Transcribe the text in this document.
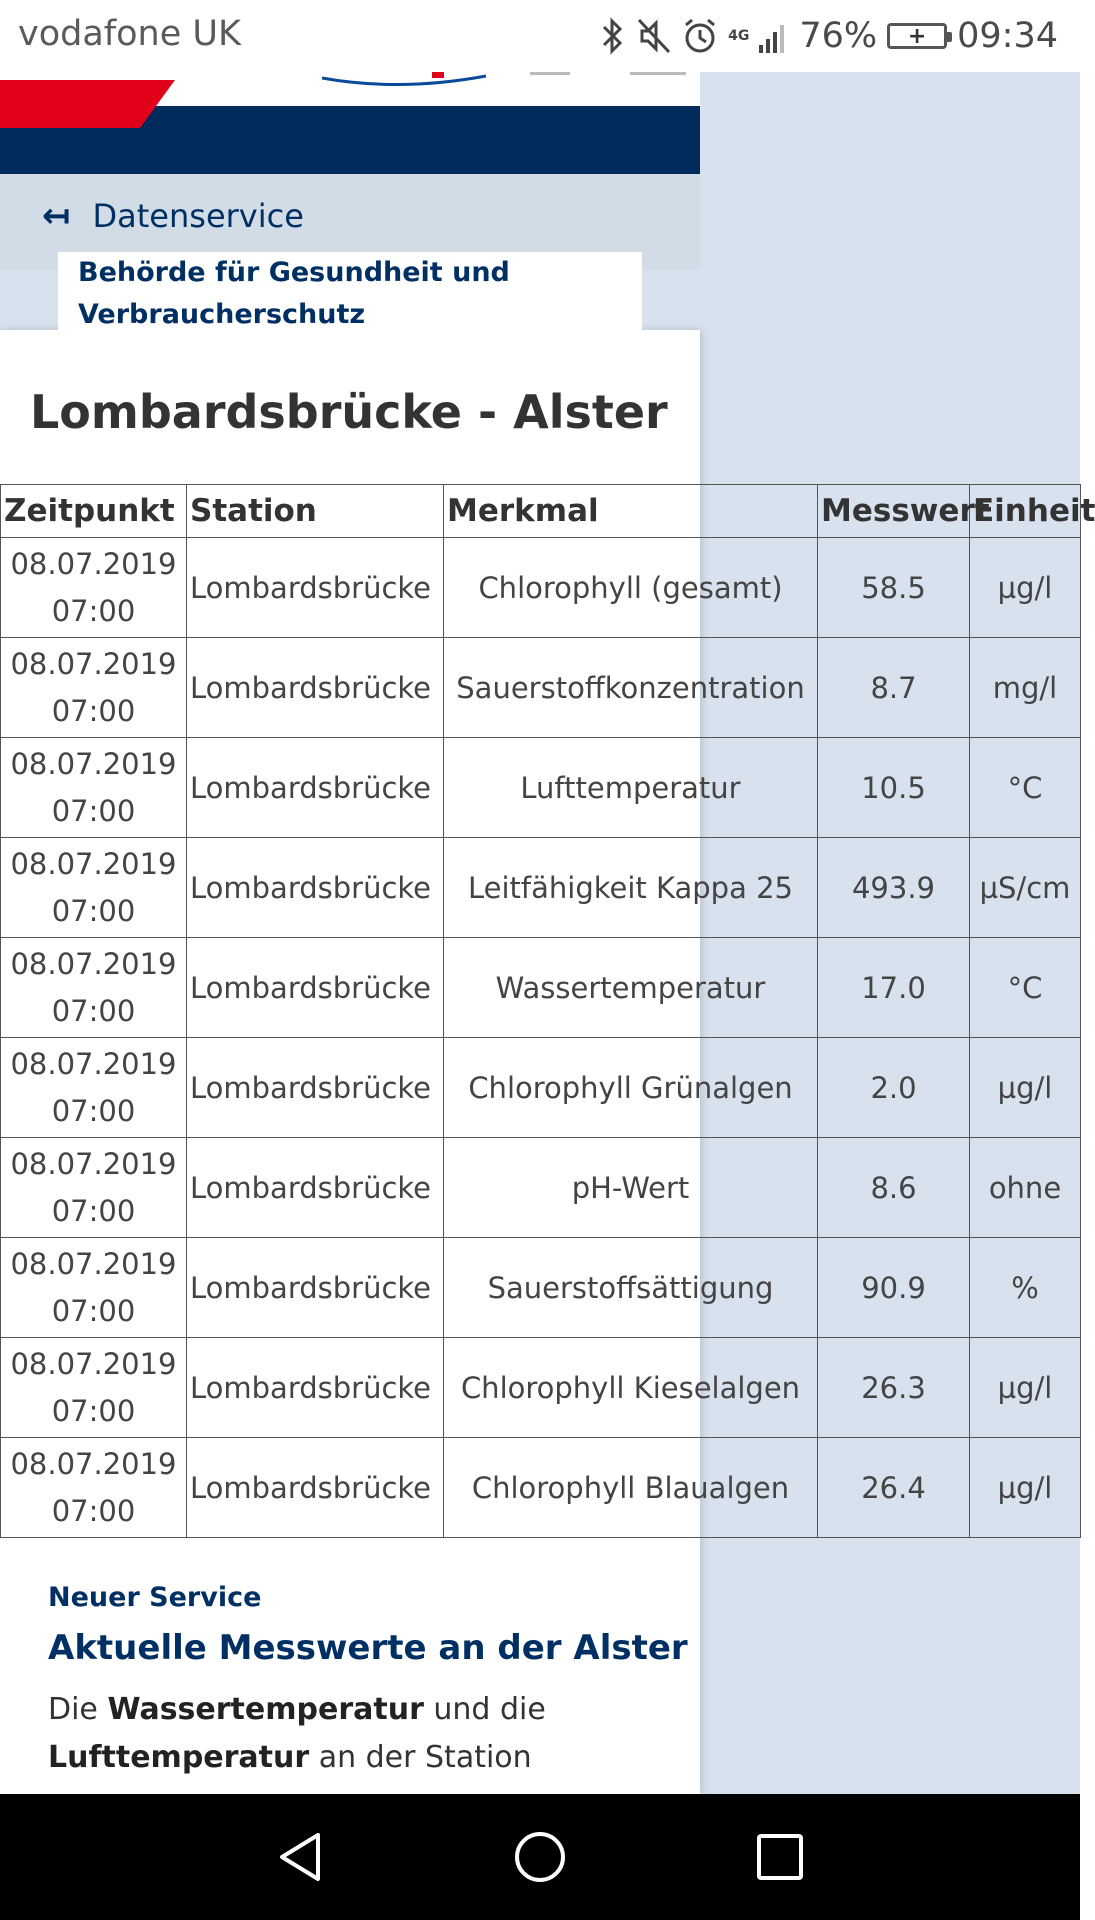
vodafone UK	4G 76%	+ 09:34
↤ Datenservice
Behörde für Gesundheit und
Verbraucherschutz
Lombardsbrücke - Alster
Zeitpunkt	Station	Merkmal	Messwert	Einheit
08.07.2019
07:00	Lombardsbrücke	Chlorophyll (gesamt)	58.5	µg/l
08.07.2019
07:00	Lombardsbrücke	Sauerstoffkonzentration	8.7	mg/l
08.07.2019
07:00	Lombardsbrücke	Lufttemperatur	10.5	°C
08.07.2019
07:00	Lombardsbrücke	Leitfähigkeit Kappa 25	493.9	µS/cm
08.07.2019
07:00	Lombardsbrücke	Wassertemperatur	17.0	°C
08.07.2019
07:00	Lombardsbrücke	Chlorophyll Grünalgen	2.0	µg/l
08.07.2019
07:00	Lombardsbrücke	pH-Wert	8.6	ohne
08.07.2019
07:00	Lombardsbrücke	Sauerstoffsättigung	90.9	%
08.07.2019
07:00	Lombardsbrücke	Chlorophyll Kieselalgen	26.3	µg/l
08.07.2019
07:00	Lombardsbrücke	Chlorophyll Blaualgen	26.4	µg/l
Neuer Service
Aktuelle Messwerte an der Alster
Die Wassertemperatur und die
Lufttemperatur an der Station
